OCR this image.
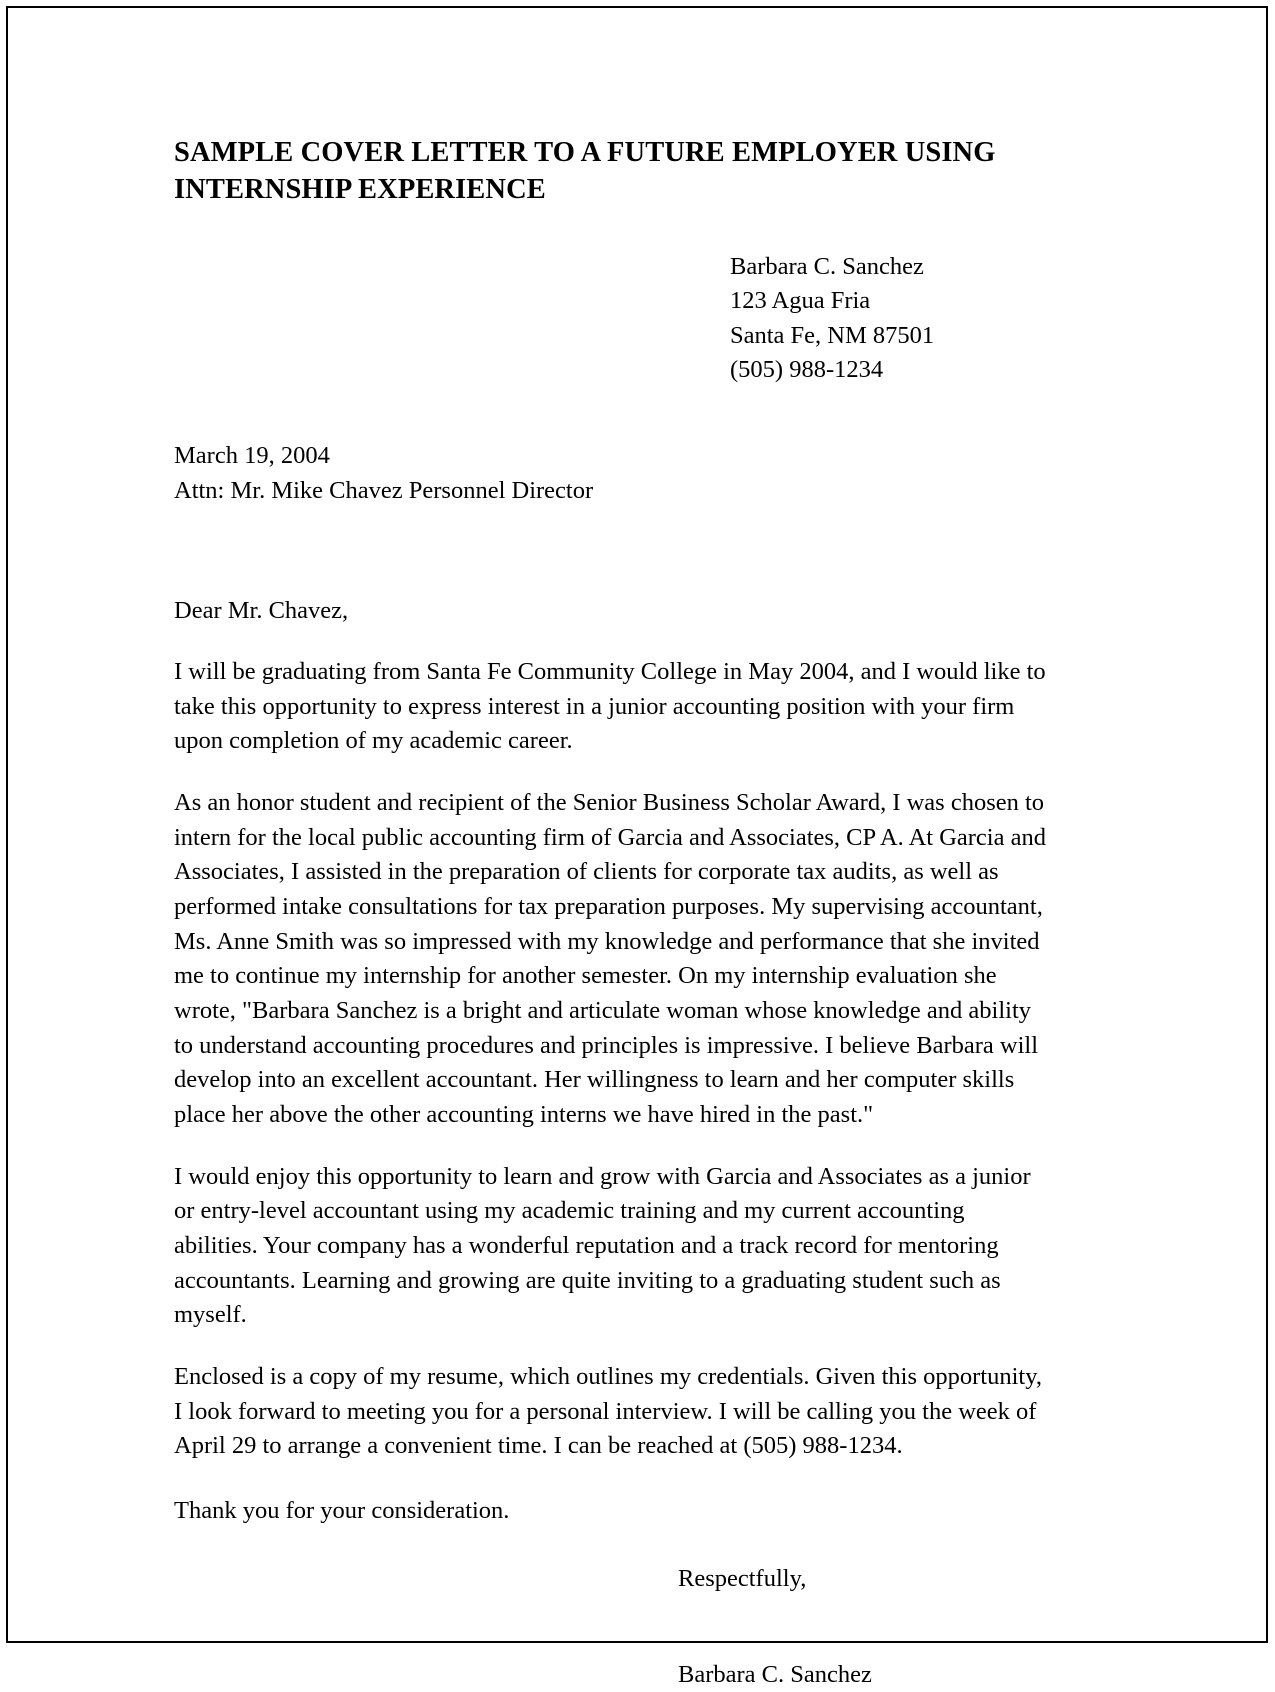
SAMPLE COVER LETTER TO A FUTURE EMPLOYER USING INTERNSHIP EXPERIENCE
Barbara C. Sanchez
123 Agua Fria
Santa Fe, NM 87501
(505) 988-1234
March 19, 2004
Attn: Mr. Mike Chavez Personnel Director
Dear Mr. Chavez,

I will be graduating from Santa Fe Community College in May 2004, and I would like to take this opportunity to express interest in a junior accounting position with your firm upon completion of my academic career.

As an honor student and recipient of the Senior Business Scholar Award, I was chosen to intern for the local public accounting firm of Garcia and Associates, CP A. At Garcia and Associates, I assisted in the preparation of clients for corporate tax audits, as well as performed intake consultations for tax preparation purposes. My supervising accountant, Ms. Anne Smith was so impressed with my knowledge and performance that she invited me to continue my internship for another semester. On my internship evaluation she wrote, "Barbara Sanchez is a bright and articulate woman whose knowledge and ability to understand accounting procedures and principles is impressive. I believe Barbara will develop into an excellent accountant. Her willingness to learn and her computer skills place her above the other accounting interns we have hired in the past."

I would enjoy this opportunity to learn and grow with Garcia and Associates as a junior or entry-level accountant using my academic training and my current accounting abilities. Your company has a wonderful reputation and a track record for mentoring accountants. Learning and growing are quite inviting to a graduating student such as myself.

Enclosed is a copy of my resume, which outlines my credentials. Given this opportunity, I look forward to meeting you for a personal interview. I will be calling you the week of April 29 to arrange a convenient time. I can be reached at (505) 988-1234.

Thank you for your consideration.

Respectfully,
Barbara C. Sanchez
